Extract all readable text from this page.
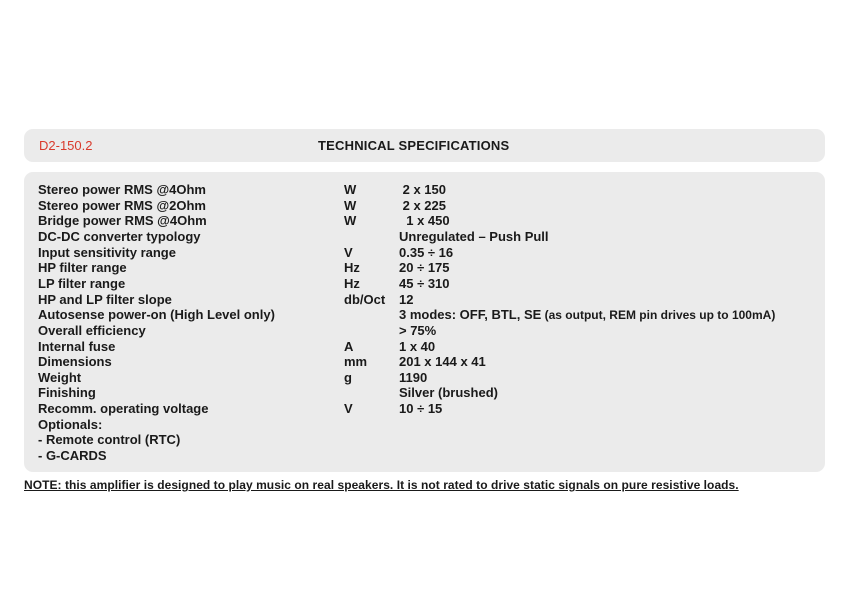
D2-150.2	TECHNICAL SPECIFICATIONS
Stereo power RMS @4Ohm	W	2 x 150
Stereo power RMS @2Ohm	W	2 x 225
Bridge power RMS @4Ohm	W	1 x 450
DC-DC converter typology	Unregulated – Push Pull
Input sensitivity range	V	0.35 ÷ 16
HP filter range	Hz	20 ÷ 175
LP filter range	Hz	45 ÷ 310
HP and LP filter slope	db/Oct 12
Autosense power-on (High Level only)	3 modes: OFF, BTL, SE (as output, REM pin drives up to 100mA)
Overall efficiency	> 75%
Internal fuse	A	1 x 40
Dimensions	mm 201 x 144 x 41
Weight	g	1190
Finishing	Silver (brushed)
Recomm. operating voltage	V	10 ÷ 15
Optionals:
- Remote control (RTC)
- G-CARDS
NOTE: this amplifier is designed to play music on real speakers. It is not rated to drive static signals on pure resistive loads.
